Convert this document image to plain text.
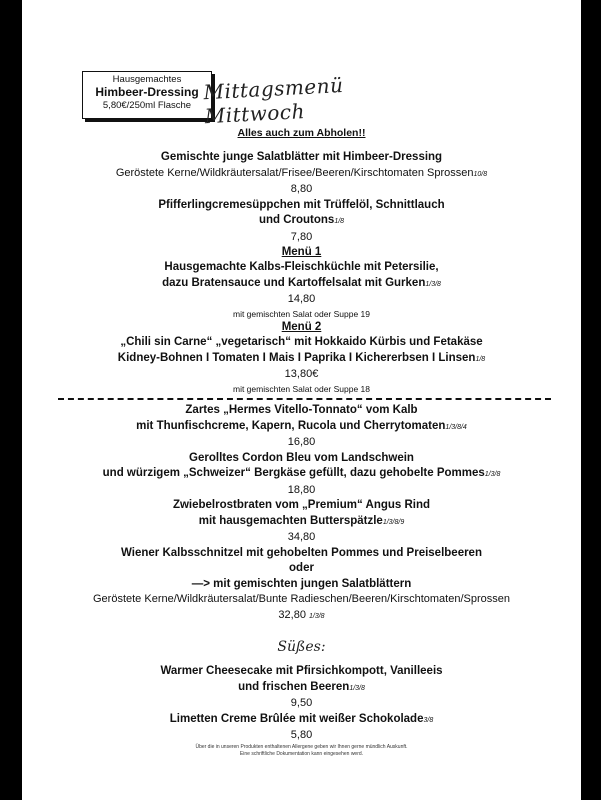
Hausgemachtes
Himbeer-Dressing
5,80€/250ml Flasche
Mittagsmenü Mittwoch
Alles auch zum Abholen!!
Gemischte junge Salatblätter mit Himbeer-Dressing
Geröstete Kerne/Wildkräutersalat/Frisee/Beeren/Kirschtomaten Sprossen10/8
8,80
Pfifferlingcremesüppchen mit Trüffelöl, Schnittlauch
und Croutons1/8
7,80
Menü 1
Hausgemachte Kalbs-Fleischküchle mit Petersilie,
dazu Bratensauce und Kartoffelsalat mit Gurken1/3/8
14,80
mit gemischten Salat oder Suppe 19
Menü 2
„Chili sin Carne“ „vegetarisch“ mit Hokkaido Kürbis und Fetakäse
Kidney-Bohnen I Tomaten I Mais I Paprika I Kichererbsen I Linsen1/8
13,80€
mit gemischten Salat oder Suppe 18
Zartes „Hermes Vitello-Tonnato“ vom Kalb
mit Thunfischcreme, Kapern, Rucola und Cherrytomaten1/3/8/4
16,80
Gerolltes Cordon Bleu vom Landschwein
und würzigem „Schweizer“ Bergkäse gefüllt, dazu gehobelte Pommes1/3/8
18,80
Zwiebelrostbraten vom „Premium“ Angus Rind
mit hausgemachten Butterspätzle1/3/8/9
34,80
Wiener Kalbsschnitzel mit gehobelten Pommes und Preiselbeeren
oder
—> mit gemischten jungen Salatblättern
Geröstete Kerne/Wildkräutersalat/Bunte Radieschen/Beeren/Kirschtomaten/Sprossen
32,80 1/3/8
Süßes:
Warmer Cheesecake mit Pfirsichkompott, Vanilleeis
und frischen Beeren1/3/8
9,50
Limetten Creme Brûlée mit weißer Schokolade3/8
5,80
Über die in unseren Produkten enthaltenen Allergene geben wir Ihnen gerne mündlich Auskunft.
Eine schriftliche Dokumentation kann eingesehen werd.
